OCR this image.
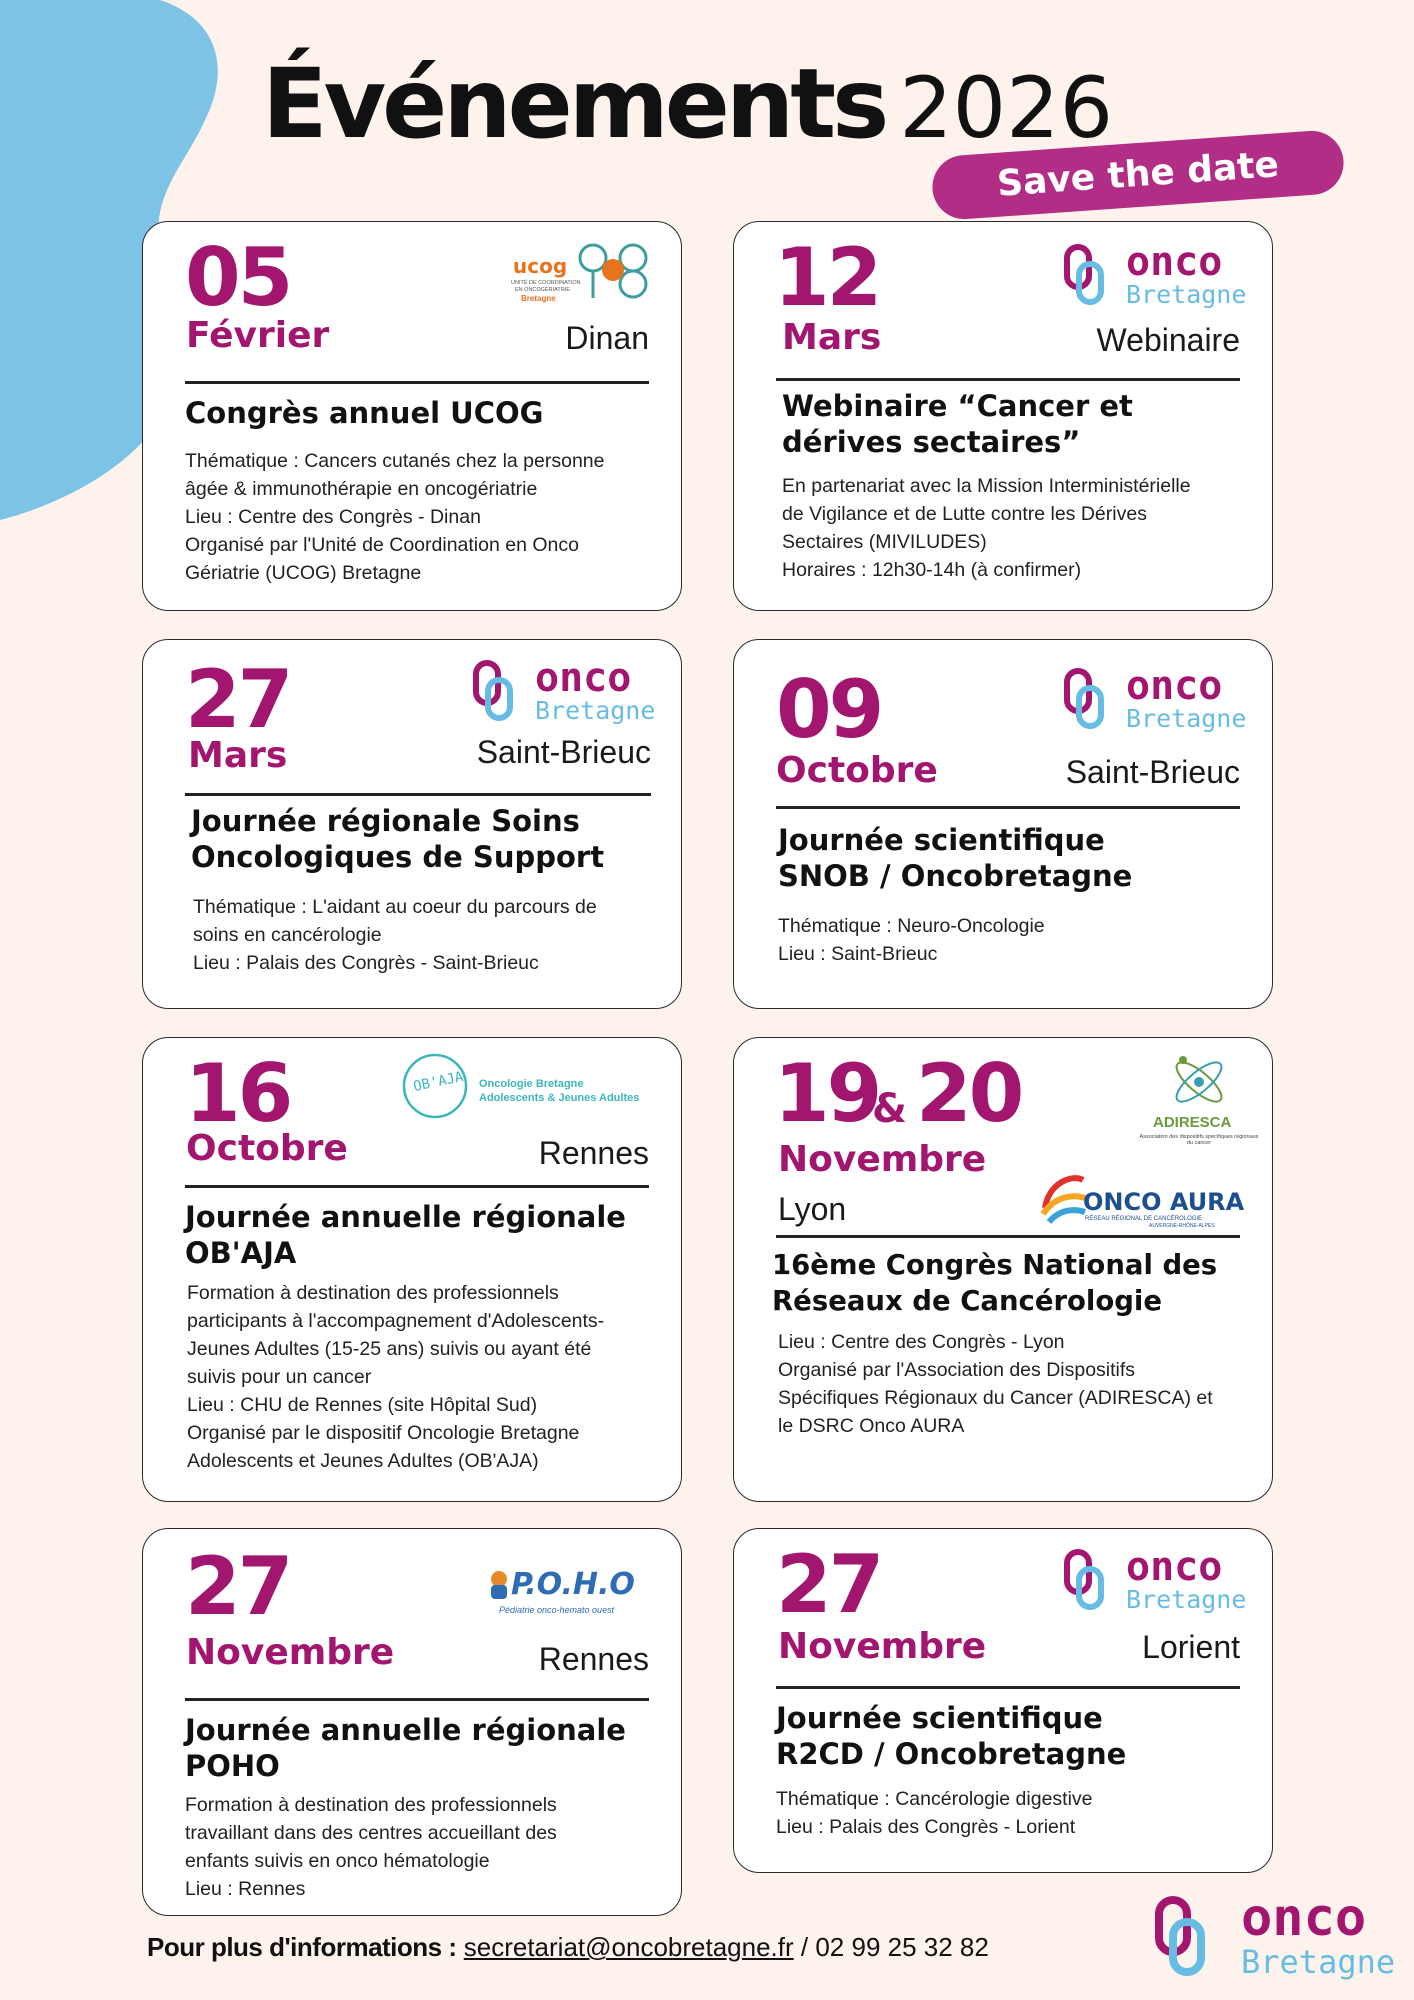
Événements 2026
Save the date
05
Février
ucog
UNITÉ DE COORDINATION
EN ONCOGÉRIATRIE
Bretagne
Dinan
Congrès annuel UCOG
Thématique : Cancers cutanés chez la personne
âgée & immunothérapie en oncogériatrie
Lieu : Centre des Congrès - Dinan
Organisé par l'Unité de Coordination en Onco
Gériatrie (UCOG) Bretagne
12
Mars
onco
Bretagne
Webinaire
Webinaire “Cancer et
dérives sectaires”
En partenariat avec la Mission Interministérielle
de Vigilance et de Lutte contre les Dérives
Sectaires (MIVILUDES)
Horaires : 12h30-14h (à confirmer)
27
Mars
onco
Bretagne
Saint-Brieuc
Journée régionale Soins
Oncologiques de Support
Thématique : L'aidant au coeur du parcours de
soins en cancérologie
Lieu : Palais des Congrès - Saint-Brieuc
09
Octobre
onco
Bretagne
Saint-Brieuc
Journée scientifique
SNOB / Oncobretagne
Thématique : Neuro-Oncologie
Lieu : Saint-Brieuc
16
Octobre
OB'AJA Oncologie Bretagne
Adolescents & Jeunes Adultes
Rennes
Journée annuelle régionale
OB'AJA
Formation à destination des professionnels
participants à l'accompagnement d'Adolescents-
Jeunes Adultes (15-25 ans) suivis ou ayant été
suivis pour un cancer
Lieu : CHU de Rennes (site Hôpital Sud)
Organisé par le dispositif Oncologie Bretagne
Adolescents et Jeunes Adultes (OB'AJA)
19
& 20
Novembre
Lyon
ADIRESCA
Association des dispositifs spécifiques régionaux du cancer
ONCO AURA
RÉSEAU RÉGIONAL DE CANCÉROLOGIE
AUVERGNE-RHÔNE-ALPES
16ème Congrès National des
Réseaux de Cancérologie
Lieu : Centre des Congrès - Lyon
Organisé par l'Association des Dispositifs
Spécifiques Régionaux du Cancer (ADIRESCA) et
le DSRC Onco AURA
27
Novembre
P.O.H.O
Pédiatrie onco-hemato ouest
Rennes
Journée annuelle régionale
POHO
Formation à destination des professionnels
travaillant dans des centres accueillant des
enfants suivis en onco hématologie
Lieu : Rennes
27
Novembre
onco
Bretagne
Lorient
Journée scientifique
R2CD / Oncobretagne
Thématique : Cancérologie digestive
Lieu : Palais des Congrès - Lorient
Pour plus d'informations : secretariat@oncobretagne.fr / 02 99 25 32 82	onco
Bretagne
